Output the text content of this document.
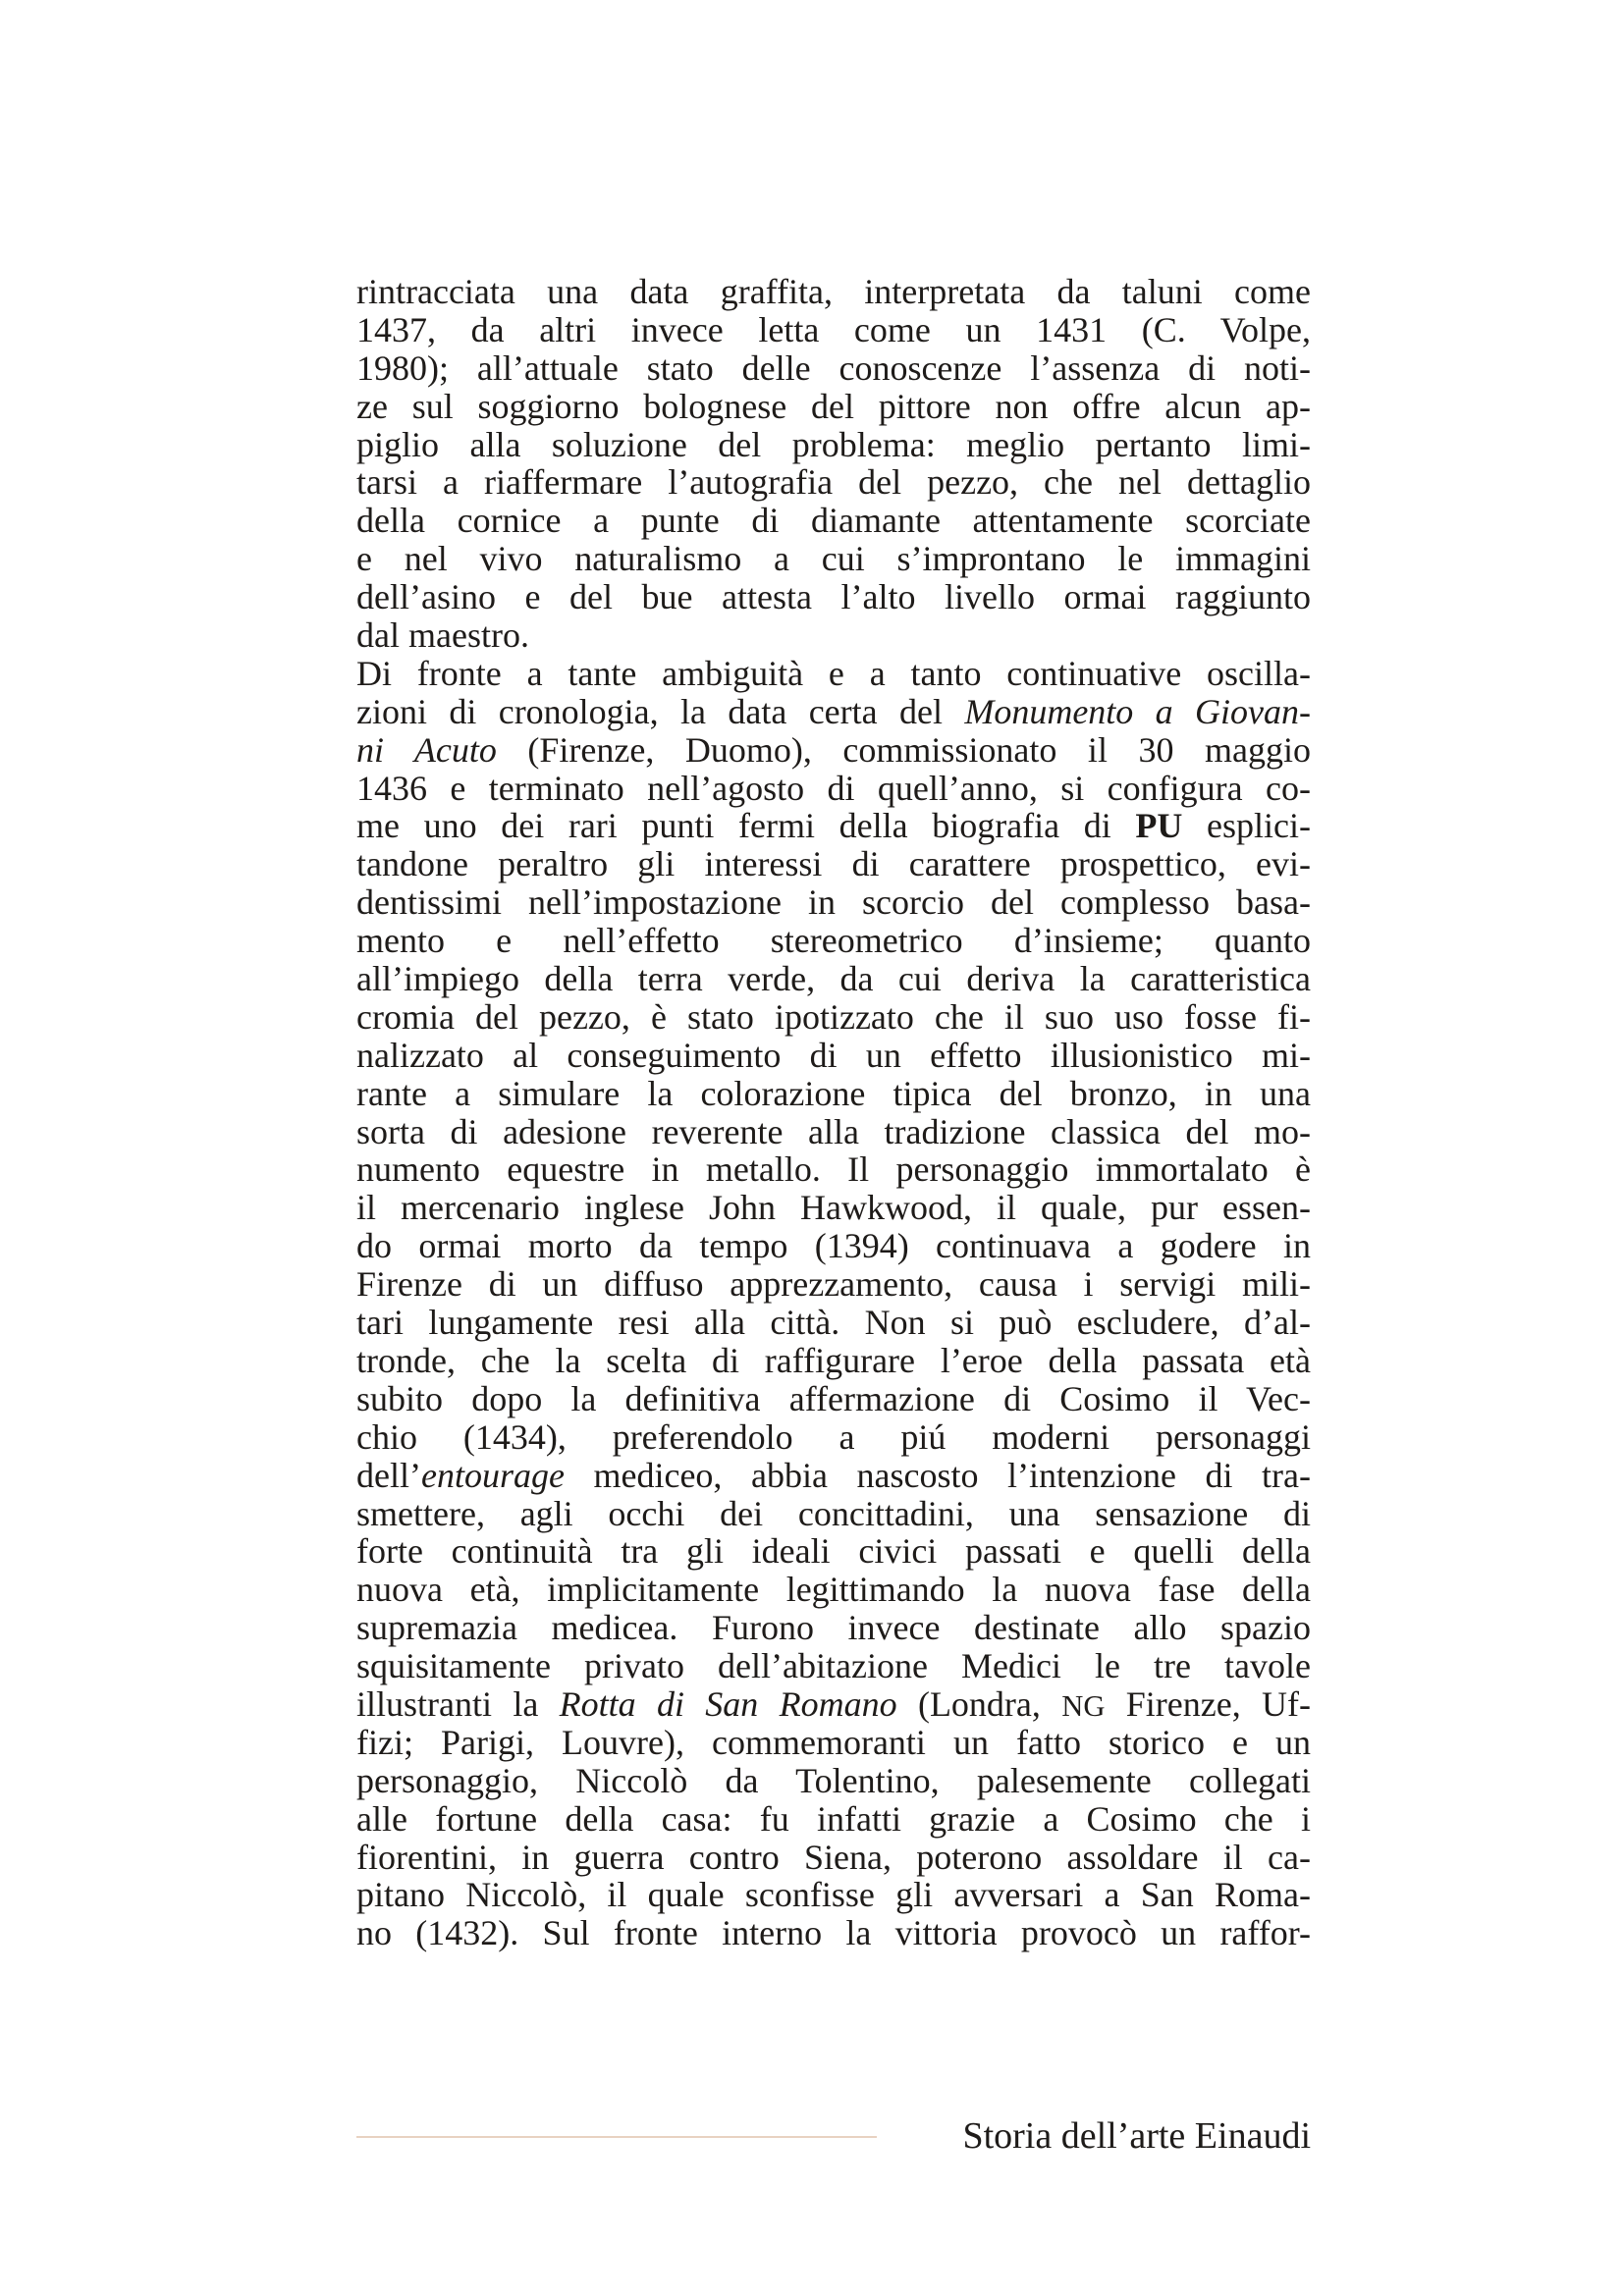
rintracciata una data graffita, interpretata da taluni come
1437, da altri invece letta come un 1431 (C. Volpe,
1980); all’attuale stato delle conoscenze l’assenza di noti-
ze sul soggiorno bolognese del pittore non offre alcun ap-
piglio alla soluzione del problema: meglio pertanto limi-
tarsi a riaffermare l’autografia del pezzo, che nel dettaglio
della cornice a punte di diamante attentamente scorciate
e nel vivo naturalismo a cui s’improntano le immagini
dell’asino e del bue attesta l’alto livello ormai raggiunto
dal maestro.
Di fronte a tante ambiguità e a tanto continuative oscilla-
zioni di cronologia, la data certa del Monumento a Giovan-
ni Acuto (Firenze, Duomo), commissionato il 30 maggio
1436 e terminato nell’agosto di quell’anno, si configura co-
me uno dei rari punti fermi della biografia di PU esplici-
tandone peraltro gli interessi di carattere prospettico, evi-
dentissimi nell’impostazione in scorcio del complesso basa-
mento e nell’effetto stereometrico d’insieme; quanto
all’impiego della terra verde, da cui deriva la caratteristica
cromia del pezzo, è stato ipotizzato che il suo uso fosse fi-
nalizzato al conseguimento di un effetto illusionistico mi-
rante a simulare la colorazione tipica del bronzo, in una
sorta di adesione reverente alla tradizione classica del mo-
numento equestre in metallo. Il personaggio immortalato è
il mercenario inglese John Hawkwood, il quale, pur essen-
do ormai morto da tempo (1394) continuava a godere in
Firenze di un diffuso apprezzamento, causa i servigi mili-
tari lungamente resi alla città. Non si può escludere, d’al-
tronde, che la scelta di raffigurare l’eroe della passata età
subito dopo la definitiva affermazione di Cosimo il Vec-
chio (1434), preferendolo a piú moderni personaggi
dell’entourage mediceo, abbia nascosto l’intenzione di tra-
smettere, agli occhi dei concittadini, una sensazione di
forte continuità tra gli ideali civici passati e quelli della
nuova età, implicitamente legittimando la nuova fase della
supremazia medicea. Furono invece destinate allo spazio
squisitamente privato dell’abitazione Medici le tre tavole
illustranti la Rotta di San Romano (Londra, NG Firenze, Uf-
fizi; Parigi, Louvre), commemoranti un fatto storico e un
personaggio, Niccolò da Tolentino, palesemente collegati
alle fortune della casa: fu infatti grazie a Cosimo che i
fiorentini, in guerra contro Siena, poterono assoldare il ca-
pitano Niccolò, il quale sconfisse gli avversari a San Roma-
no (1432). Sul fronte interno la vittoria provocò un raffor-
Storia dell’arte Einaudi
